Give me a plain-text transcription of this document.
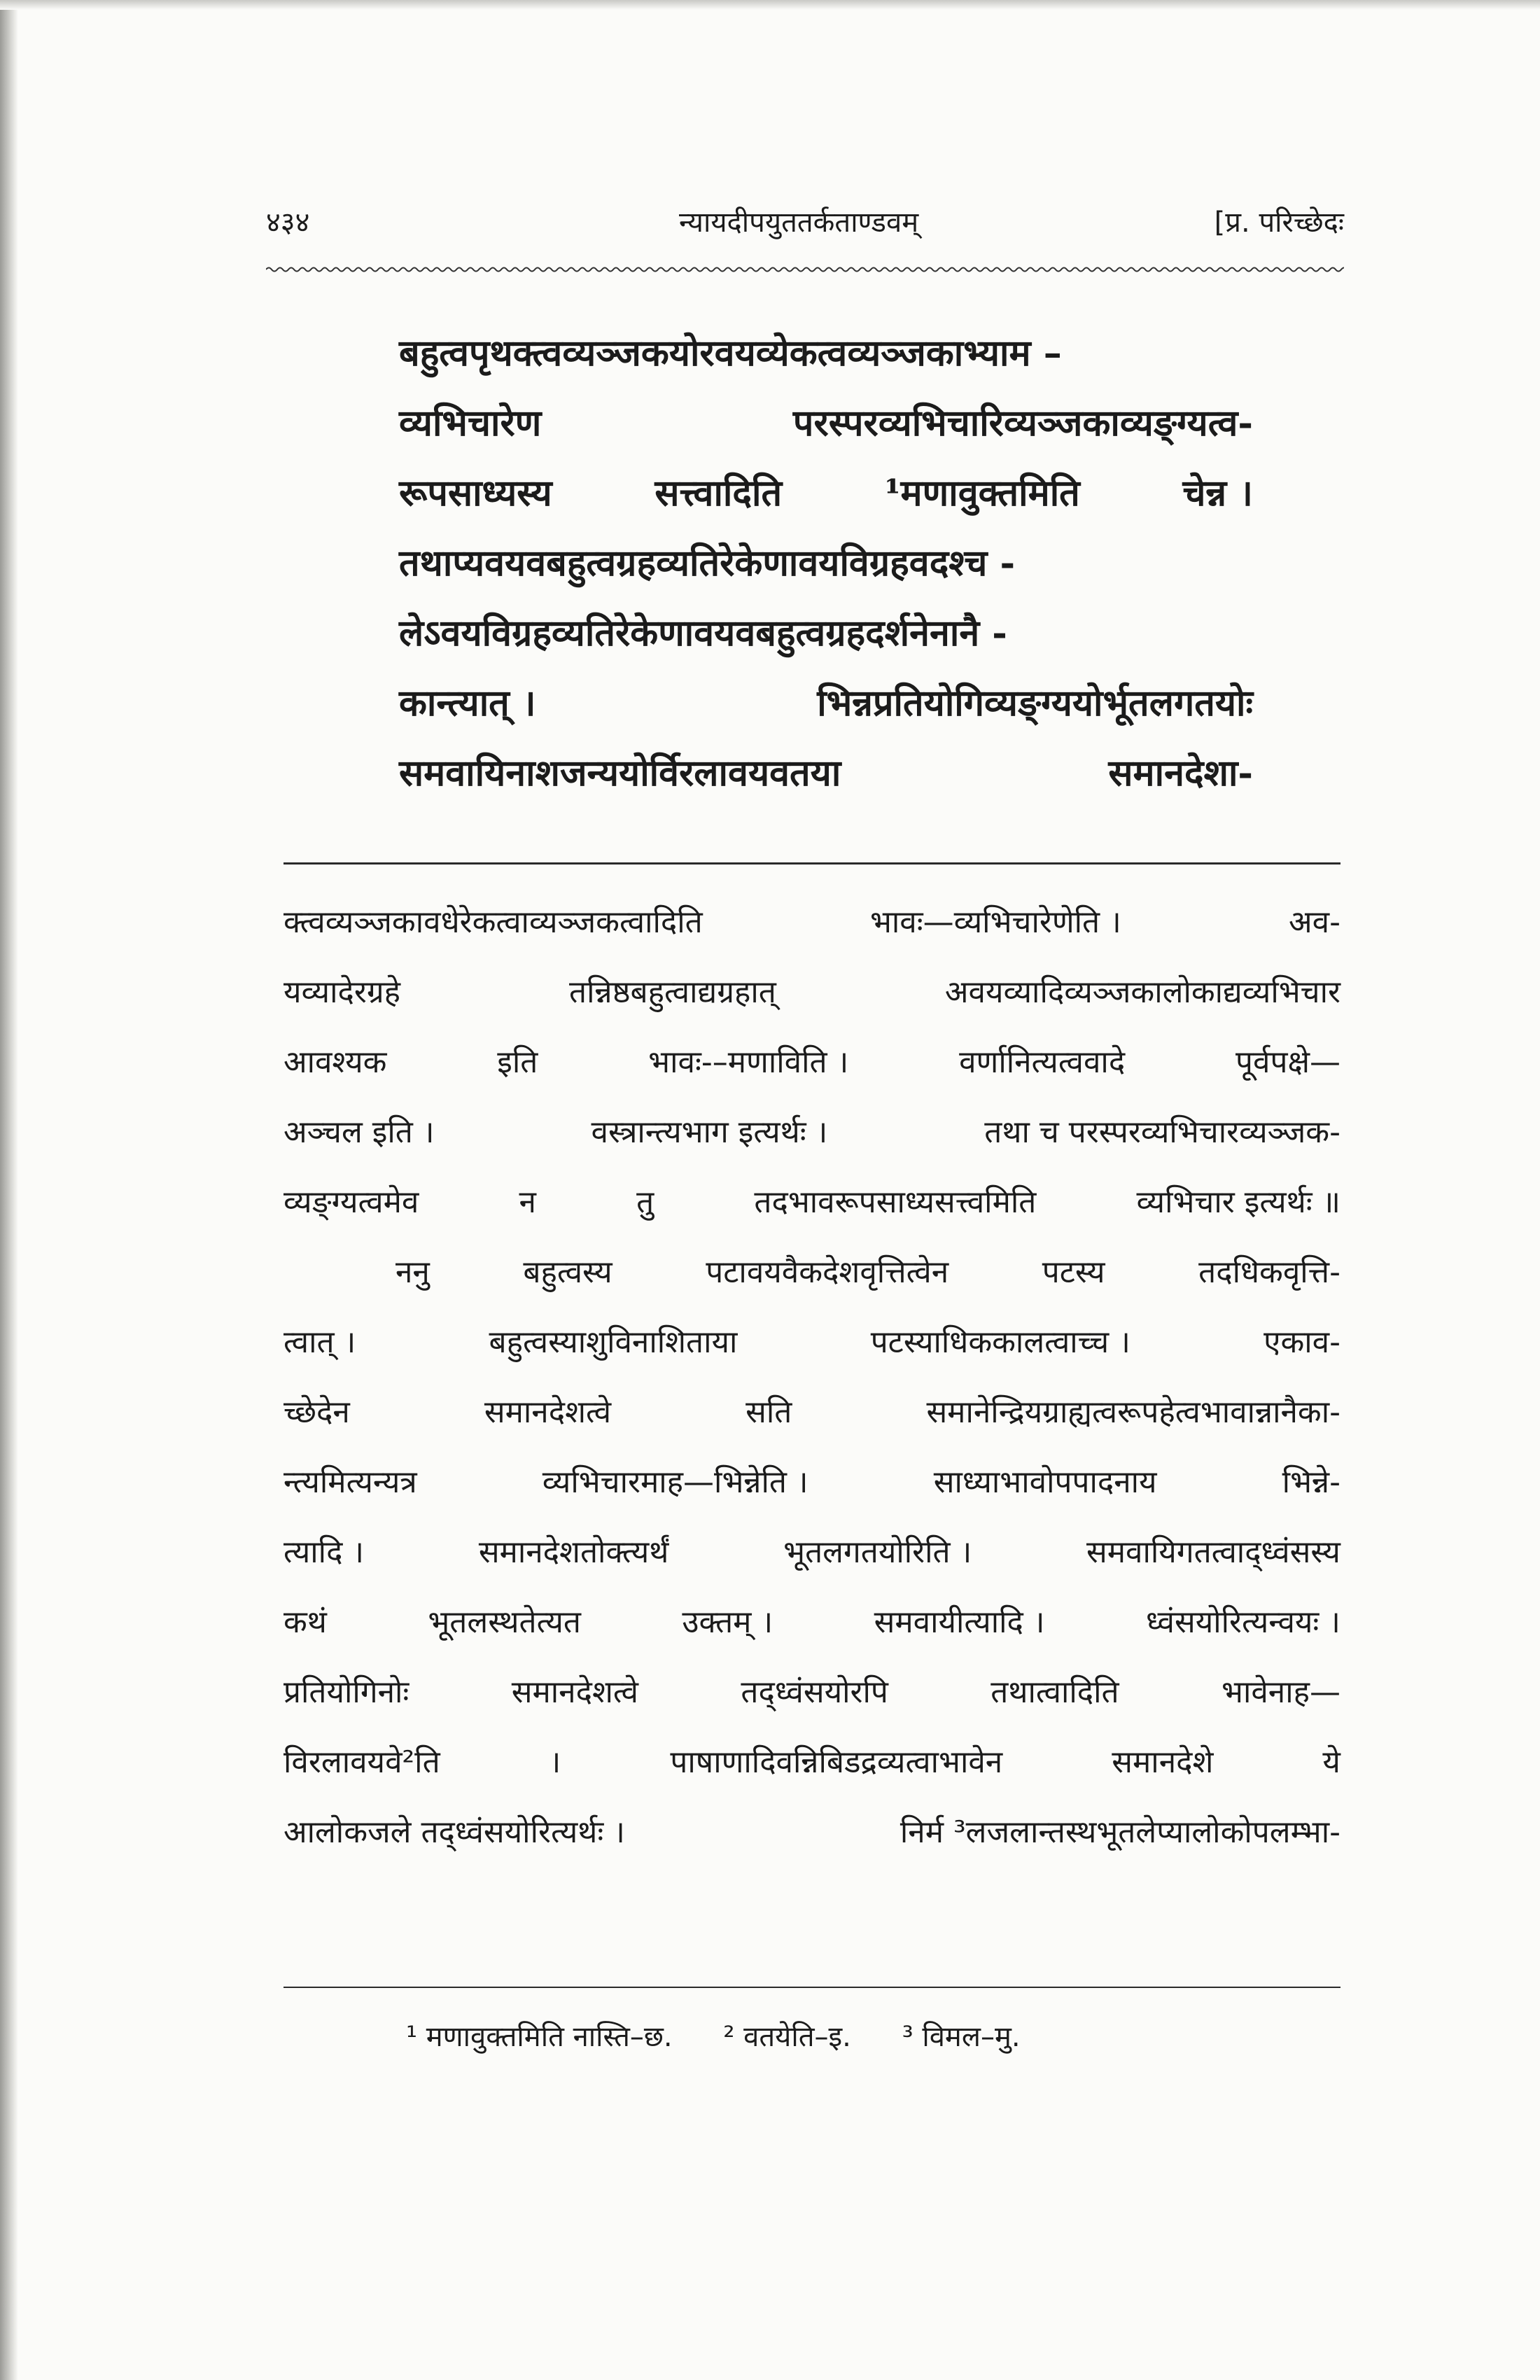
४३४	न्यायदीपयुततर्कताण्डवम्	[प्र. परिच्छेदः
बहुत्वपृथक्त्वव्यञ्जकयोरवयव्येकत्वव्यञ्जकाभ्याम –
व्यभिचारेण	परस्परव्यभिचारिव्यञ्जकाव्यङ्ग्यत्व-
रूपसाध्यस्य	सत्त्वादिति	¹मणावुक्तमिति	चेन्न ।
तथाप्यवयवबहुत्वग्रहव्यतिरेकेणावयविग्रहवदश्च -
लेऽवयविग्रहव्यतिरेकेणावयवबहुत्वग्रहदर्शनेनानै -
कान्त्यात् ।	भिन्नप्रतियोगिव्यङ्ग्ययोर्भूतलगतयोः
समवायिनाशजन्ययोर्विरलावयवतया	समानदेशा-
क्त्वव्यञ्जकावधेरेकत्वाव्यञ्जकत्वादिति	भावः—व्यभिचारेणेति ।	अव-
यव्यादेरग्रहे	तन्निष्ठबहुत्वाद्यग्रहात्	अवयव्यादिव्यञ्जकालोकाद्यव्यभिचार
आवश्यक	इति	भावः-–मणाविति ।	वर्णानित्यत्ववादे	पूर्वपक्षे—
अञ्चल इति ।	वस्त्रान्त्यभाग इत्यर्थः ।	तथा च परस्परव्यभिचारव्यञ्जक-
व्यङ्ग्यत्वमेव	न	तु	तदभावरूपसाध्यसत्त्वमिति	व्यभिचार इत्यर्थः ॥
ननु	बहुत्वस्य	पटावयवैकदेशवृत्तित्वेन	पटस्य	तदधिकवृत्ति-
त्वात् ।	बहुत्वस्याशुविनाशिताया	पटस्याधिककालत्वाच्च ।	एकाव-
च्छेदेन	समानदेशत्वे	सति	समानेन्द्रियग्राह्यत्वरूपहेत्वभावान्नानैका-
न्त्यमित्यन्यत्र	व्यभिचारमाह—भिन्नेति ।	साध्याभावोपपादनाय	भिन्ने-
त्यादि ।	समानदेशतोक्त्यर्थं	भूतलगतयोरिति ।	समवायिगतत्वाद्ध्वंसस्य
कथं	भूतलस्थतेत्यत	उक्तम् ।	समवायीत्यादि ।	ध्वंसयोरित्यन्वयः ।
प्रतियोगिनोः	समानदेशत्वे	तद्ध्वंसयोरपि	तथात्वादिति	भावेनाह—
विरलावयवे²ति	।	पाषाणादिवन्निबिडद्रव्यत्वाभावेन	समानदेशे	ये
आलोकजले तद्ध्वंसयोरित्यर्थः ।	निर्म ³लजलान्तस्थभूतलेप्यालोकोपलम्भा-
¹ मणावुक्तमिति नास्ति–छ. ² वतयेति–इ. ³ विमल–मु.
